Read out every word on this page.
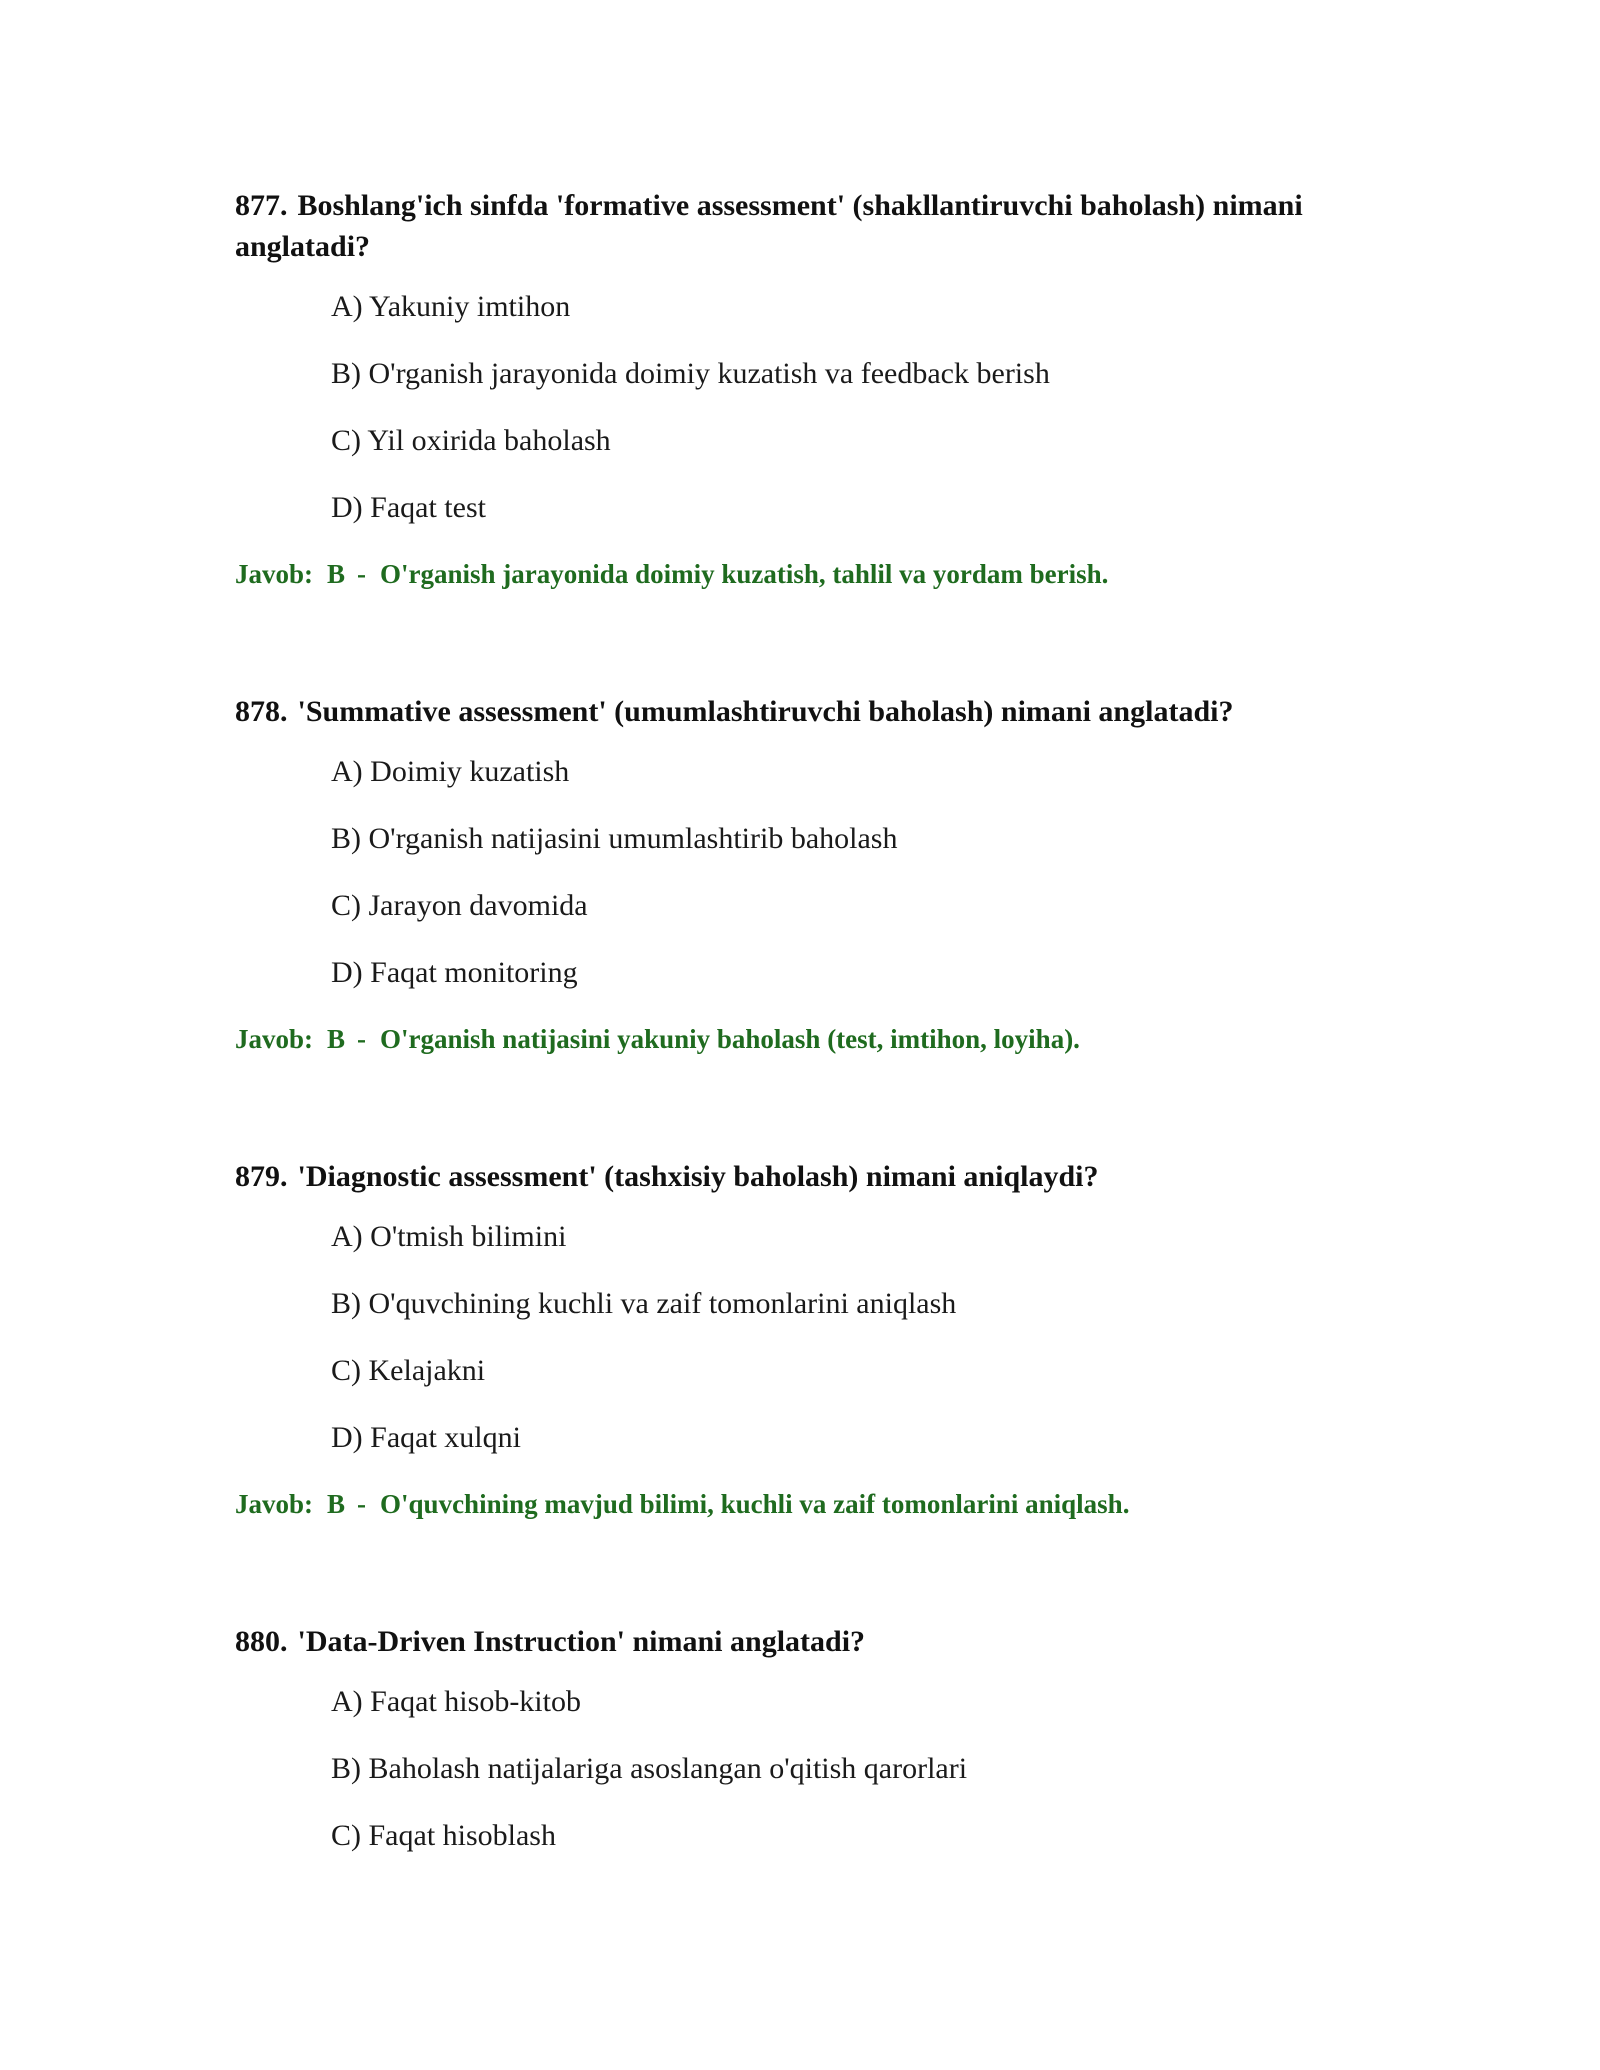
877. Boshlang'ich sinfda 'formative assessment' (shakllantiruvchi baholash) nimani anglatadi?

A) Yakuniy imtihon
B) O'rganish jarayonida doimiy kuzatish va feedback berish
C) Yil oxirida baholash
D) Faqat test

Javob: B - O'rganish jarayonida doimiy kuzatish, tahlil va yordam berish.

878. 'Summative assessment' (umumlashtiruvchi baholash) nimani anglatadi?

A) Doimiy kuzatish
B) O'rganish natijasini umumlashtirib baholash
C) Jarayon davomida
D) Faqat monitoring

Javob: B - O'rganish natijasini yakuniy baholash (test, imtihon, loyiha).

879. 'Diagnostic assessment' (tashxisiy baholash) nimani aniqlaydi?

A) O'tmish bilimini
B) O'quvchining kuchli va zaif tomonlarini aniqlash
C) Kelajakni
D) Faqat xulqni

Javob: B - O'quvchining mavjud bilimi, kuchli va zaif tomonlarini aniqlash.

880. 'Data-Driven Instruction' nimani anglatadi?

A) Faqat hisob-kitob
B) Baholash natijalariga asoslangan o'qitish qarorlari
C) Faqat hisoblash
